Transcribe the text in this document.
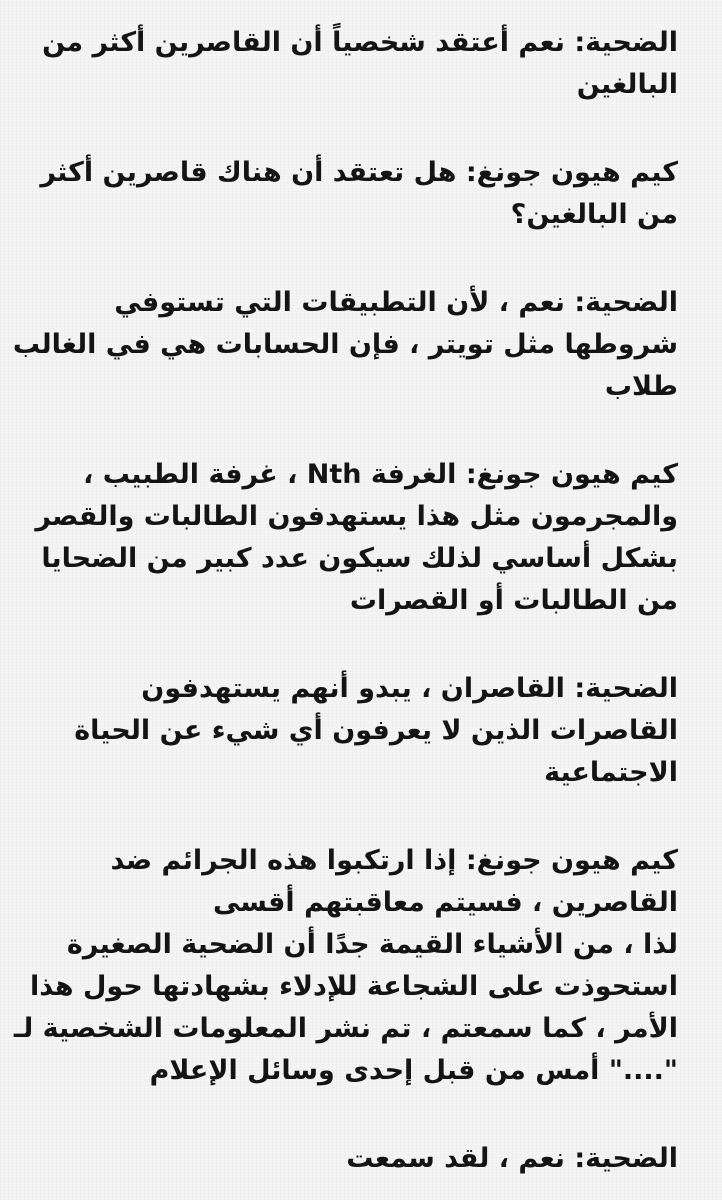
الضحية: نعم أعتقد شخصياً أن القاصرين أكثر من
البالغين
كيم هيون جونغ: هل تعتقد أن هناك قاصرين أكثر
من البالغين؟
الضحية: نعم ، لأن التطبيقات التي تستوفي
شروطها مثل تويتر ، فإن الحسابات هي في الغالب
طلاب
كيم هيون جونغ: الغرفة Nth ، غرفة الطبيب ،
والمجرمون مثل هذا يستهدفون الطالبات والقصر
بشكل أساسي لذلك سيكون عدد كبير من الضحايا
من الطالبات أو القصرات
الضحية: القاصران ، يبدو أنهم يستهدفون
القاصرات الذين لا يعرفون أي شيء عن الحياة
الاجتماعية
كيم هيون جونغ: إذا ارتكبوا هذه الجرائم ضد
القاصرين ، فسيتم معاقبتهم أقسى
لذا ، من الأشياء القيمة جدًا أن الضحية الصغيرة
استحوذت على الشجاعة للإدلاء بشهادتها حول هذا
الأمر ، كما سمعتم ، تم نشر المعلومات الشخصية لـ
"...." أمس من قبل إحدى وسائل الإعلام
الضحية: نعم ، لقد سمعت
